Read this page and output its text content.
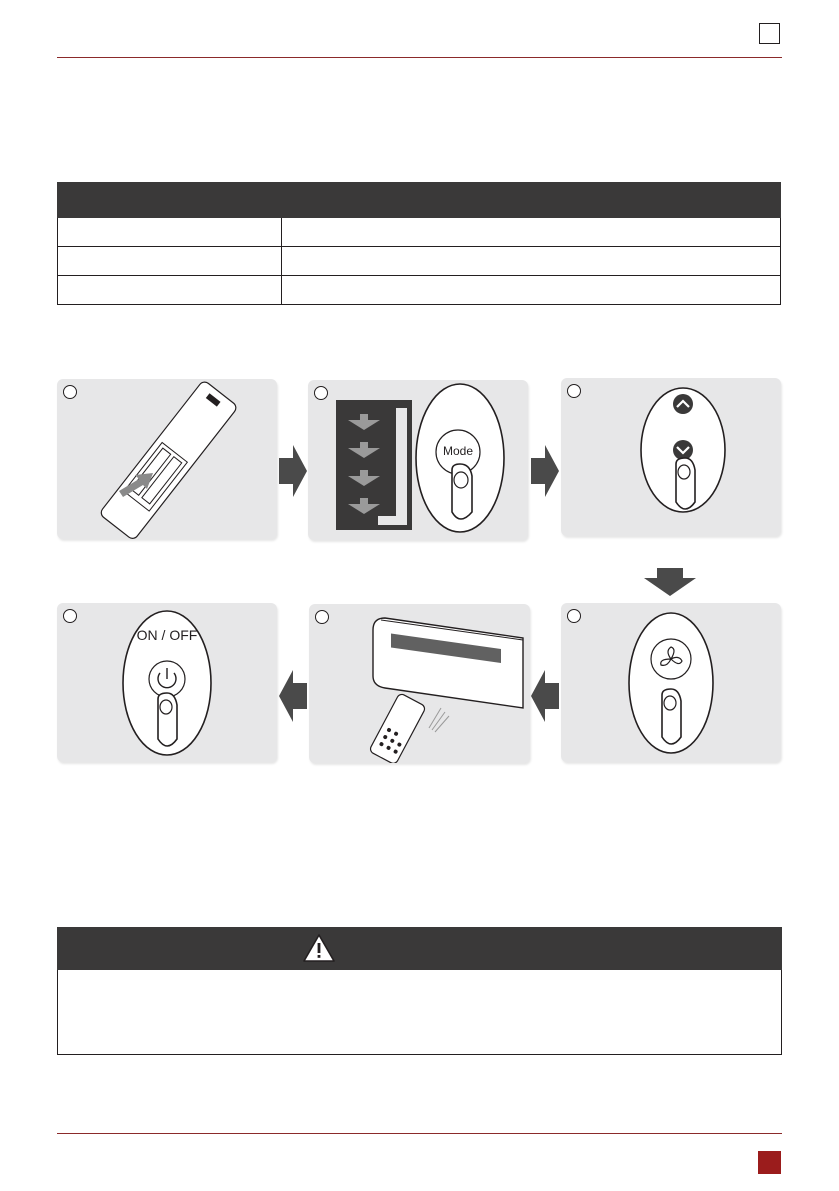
Mode
ON / OFF
